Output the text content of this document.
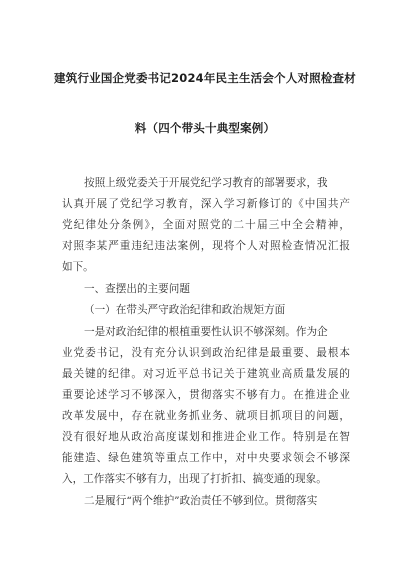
建筑行业国企党委书记2024年民主生活会个人对照检查材
料（四个带头十典型案例）
按照上级党委关于开展党纪学习教育的部署要求，我
认真开展了党纪学习教育，深入学习新修订的《中国共产
党纪律处分条例》，全面对照党的二十届三中全会精神，
对照李某严重违纪违法案例，现将个人对照检查情况汇报
如下。
一、查摆出的主要问题
（一）在带头严守政治纪律和政治规矩方面
一是对政治纪律的根植重要性认识不够深刻。作为企
业党委书记，没有充分认识到政治纪律是最重要、最根本
最关键的纪律。对习近平总书记关于建筑业高质量发展的
重要论述学习不够深入，贯彻落实不够有力。在推进企业
改革发展中，存在就业务抓业务、就项目抓项目的问题，
没有很好地从政治高度谋划和推进企业工作。特别是在智
能建造、绿色建筑等重点工作中，对中央要求领会不够深
入，工作落实不够有力，出现了打折扣、搞变通的现象。
二是履行“两个维护”政治责任不够到位。贯彻落实
